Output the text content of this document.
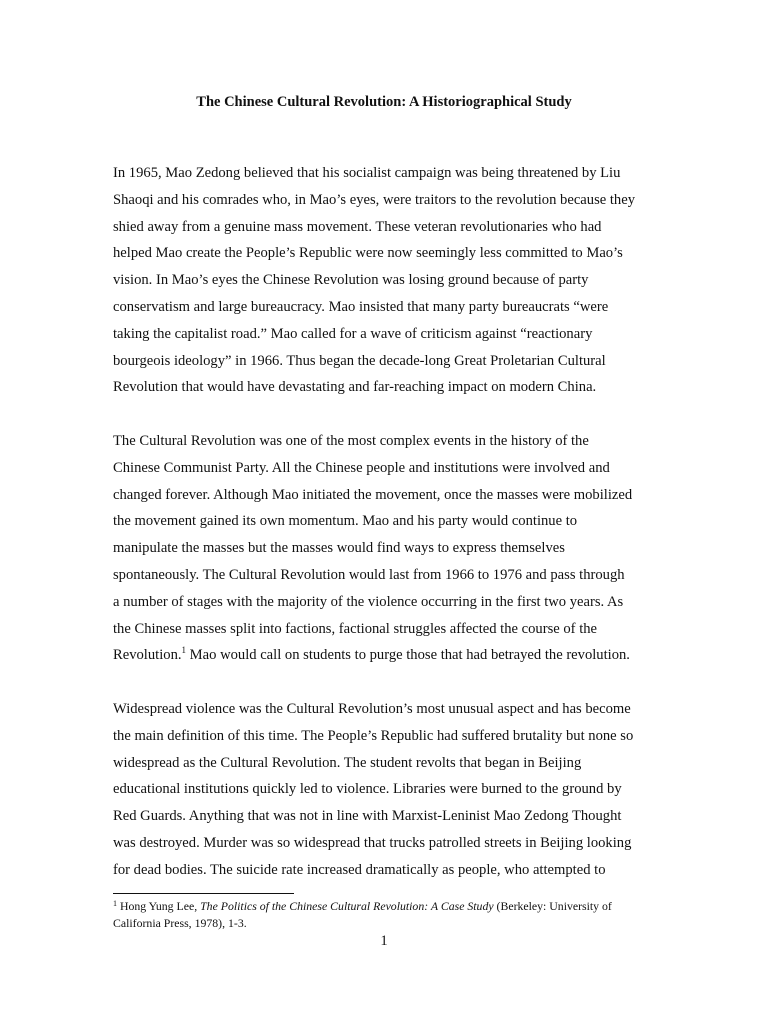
The Chinese Cultural Revolution: A Historiographical Study
In 1965, Mao Zedong believed that his socialist campaign was being threatened by Liu
Shaoqi and his comrades who, in Mao’s eyes, were traitors to the revolution because they
shied away from a genuine mass movement. These veteran revolutionaries who had
helped Mao create the People’s Republic were now seemingly less committed to Mao’s
vision. In Mao’s eyes the Chinese Revolution was losing ground because of party
conservatism and large bureaucracy. Mao insisted that many party bureaucrats “were
taking the capitalist road.” Mao called for a wave of criticism against “reactionary
bourgeois ideology” in 1966. Thus began the decade-long Great Proletarian Cultural
Revolution that would have devastating and far-reaching impact on modern China.
The Cultural Revolution was one of the most complex events in the history of the
Chinese Communist Party. All the Chinese people and institutions were involved and
changed forever. Although Mao initiated the movement, once the masses were mobilized
the movement gained its own momentum. Mao and his party would continue to
manipulate the masses but the masses would find ways to express themselves
spontaneously. The Cultural Revolution would last from 1966 to 1976 and pass through
a number of stages with the majority of the violence occurring in the first two years. As
the Chinese masses split into factions, factional struggles affected the course of the
Revolution.$^1$ Mao would call on students to purge those that had betrayed the revolution.
Widespread violence was the Cultural Revolution’s most unusual aspect and has become
the main definition of this time. The People’s Republic had suffered brutality but none so
widespread as the Cultural Revolution. The student revolts that began in Beijing
educational institutions quickly led to violence. Libraries were burned to the ground by
Red Guards. Anything that was not in line with Marxist-Leninist Mao Zedong Thought
was destroyed. Murder was so widespread that trucks patrolled streets in Beijing looking
for dead bodies. The suicide rate increased dramatically as people, who attempted to
$^1$ Hong Yung Lee, The Politics of the Chinese Cultural Revolution: A Case Study (Berkeley: University of
California Press, 1978), 1-3.
1
